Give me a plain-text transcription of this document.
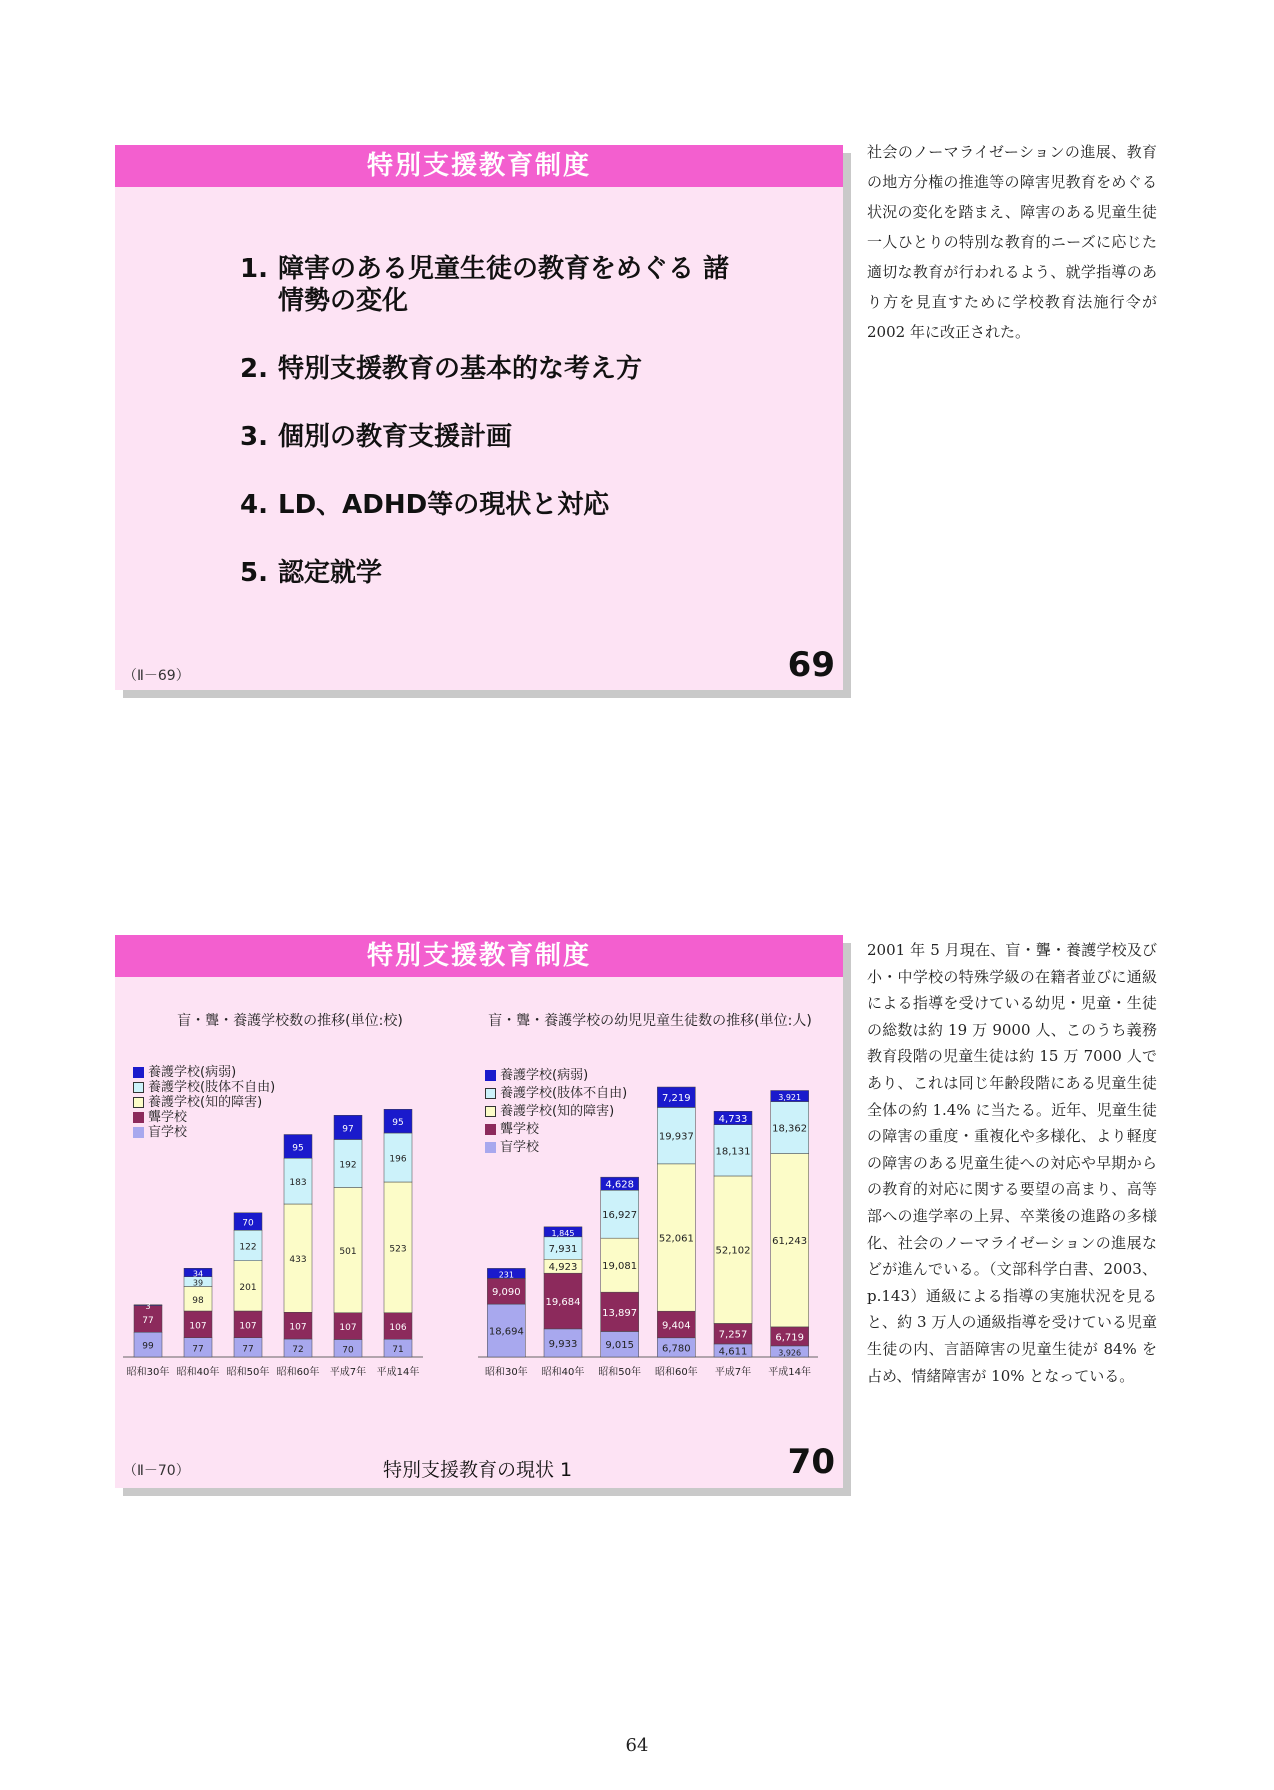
特別支援教育制度
1. 障害のある児童生徒の教育をめぐる 諸情勢の変化
2. 特別支援教育の基本的な考え方
3. 個別の教育支援計画
4. LD、ADHD等の現状と対応
5. 認定就学
（Ⅱ－69）	69
社会のノーマライゼーションの進展、教育の地方分権の推進等の障害児教育をめぐる状況の変化を踏まえ、障害のある児童生徒一人ひとりの特別な教育的ニーズに応じた適切な教育が行われるよう、就学指導のあり方を見直すために学校教育法施行令が 2002 年に改正された。
特別支援教育制度
盲・聾・養護学校数の推移(単位:校)	盲・聾・養護学校の幼児児童生徒数の推移(単位:人)
養護学校(病弱)
養護学校(肢体不自由)
養護学校(知的障害)
聾学校
盲学校
養護学校(病弱)
養護学校(肢体不自由)
養護学校(知的障害)
聾学校
盲学校
99
77
3
昭和30年
77
107
98
39
34
昭和40年
77
107
201
122
70
昭和50年
72
107
433
183
95
昭和60年
70
107
501
192
97
平成7年
71
106
523
196
95
平成14年
18,694
9,090
231
昭和30年
9,933
19,684
4,923
7,931
1,845
昭和40年
9,015
13,897
19,081
16,927
4,628
昭和50年
6,780
9,404
52,061
19,937
7,219
昭和60年
4,611
7,257
52,102
18,131
4,733
平成7年
3,926
6,719
61,243
18,362
3,921
平成14年
（Ⅱ－70）	特別支援教育の現状 1	70
2001 年 5 月現在、盲・聾・養護学校及び小・中学校の特殊学級の在籍者並びに通級による指導を受けている幼児・児童・生徒の総数は約 19 万 9000 人、このうち義務教育段階の児童生徒は約 15 万 7000 人であり、これは同じ年齢段階にある児童生徒全体の約 1.4% に当たる。近年、児童生徒の障害の重度・重複化や多様化、より軽度の障害のある児童生徒への対応や早期からの教育的対応に関する要望の高まり、高等部への進学率の上昇、卒業後の進路の多様化、社会のノーマライゼーションの進展などが進んでいる。（文部科学白書、2003、p.143）通級による指導の実施状況を見ると、約 3 万人の通級指導を受けている児童生徒の内、言語障害の児童生徒が 84% を占め、情緒障害が 10% となっている。
64
